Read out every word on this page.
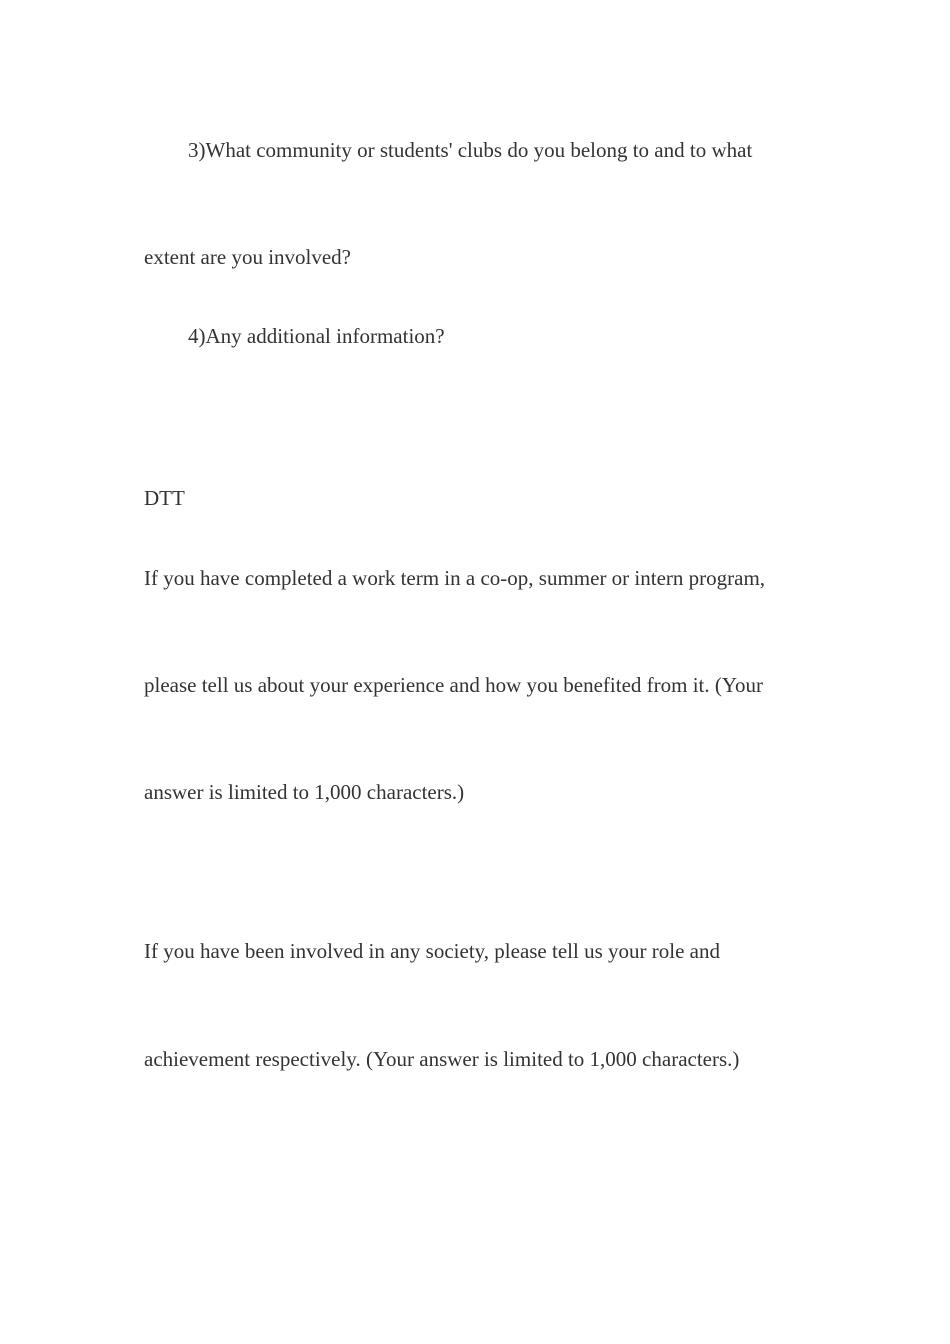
3)What community or students' clubs do you belong to and to what
extent are you involved?
4)Any additional information?
DTT
If you have completed a work term in a co-op, summer or intern program,
please tell us about your experience and how you benefited from it. (Your
answer is limited to 1,000 characters.)
If you have been involved in any society, please tell us your role and
achievement respectively. (Your answer is limited to 1,000 characters.)
